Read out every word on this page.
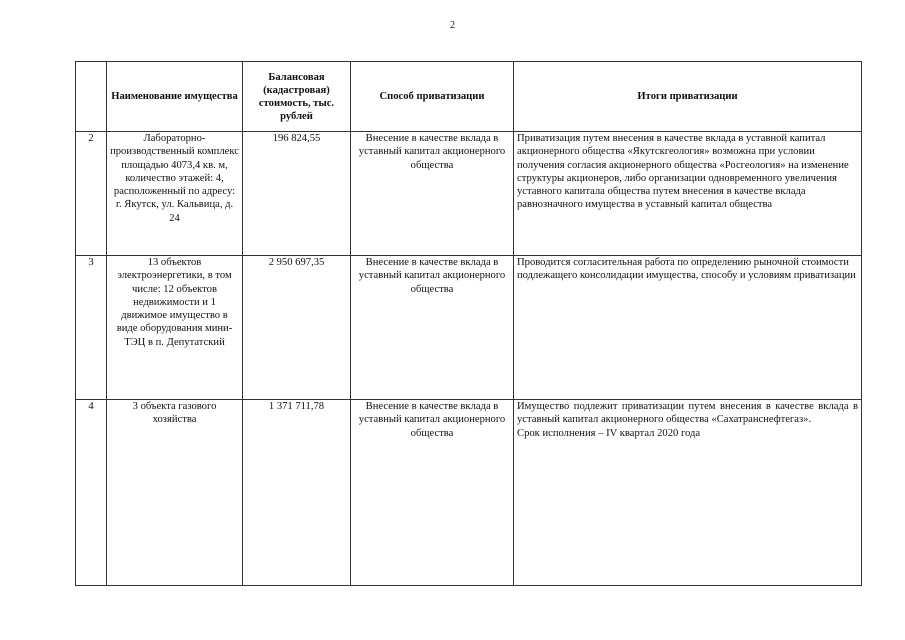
2
	Наименование имущества	Балансовая (кадастровая) стоимость, тыс. рублей	Способ приватизации	Итоги приватизации
2	Лабораторно-производственный комплекс площадью 4073,4 кв. м, количество этажей: 4, расположенный по адресу: г. Якутск, ул. Кальвица, д. 24	196 824,55	Внесение в качестве вклада в уставный капитал акционерного общества	Приватизация путем внесения в качестве вклада в уставной капитал акционерного общества «Якутскгеология» возможна при условии получения согласия акционерного общества «Росгеология» на изменение структуры акционеров, либо организации одновременного увеличения уставного капитала общества путем внесения в качестве вклада равнозначного имущества в уставный капитал общества

3	13 объектов электроэнергетики, в том числе: 12 объектов недвижимости и 1 движимое имущество в виде оборудования мини-ТЭЦ в п. Депутатский	2 950 697,35	Внесение в качестве вклада в уставный капитал акционерного общества	Проводится согласительная работа по определению рыночной стоимости подлежащего консолидации имущества, способу и условиям приватизации

4	3 объекта газового хозяйства	1 371 711,78	Внесение в качестве вклада в уставный капитал акционерного общества	Имущество подлежит приватизации путем внесения в качестве вклада в уставный капитал акционерного общества «Сахатранснефтегаз».
Срок исполнения – IV квартал 2020 года
